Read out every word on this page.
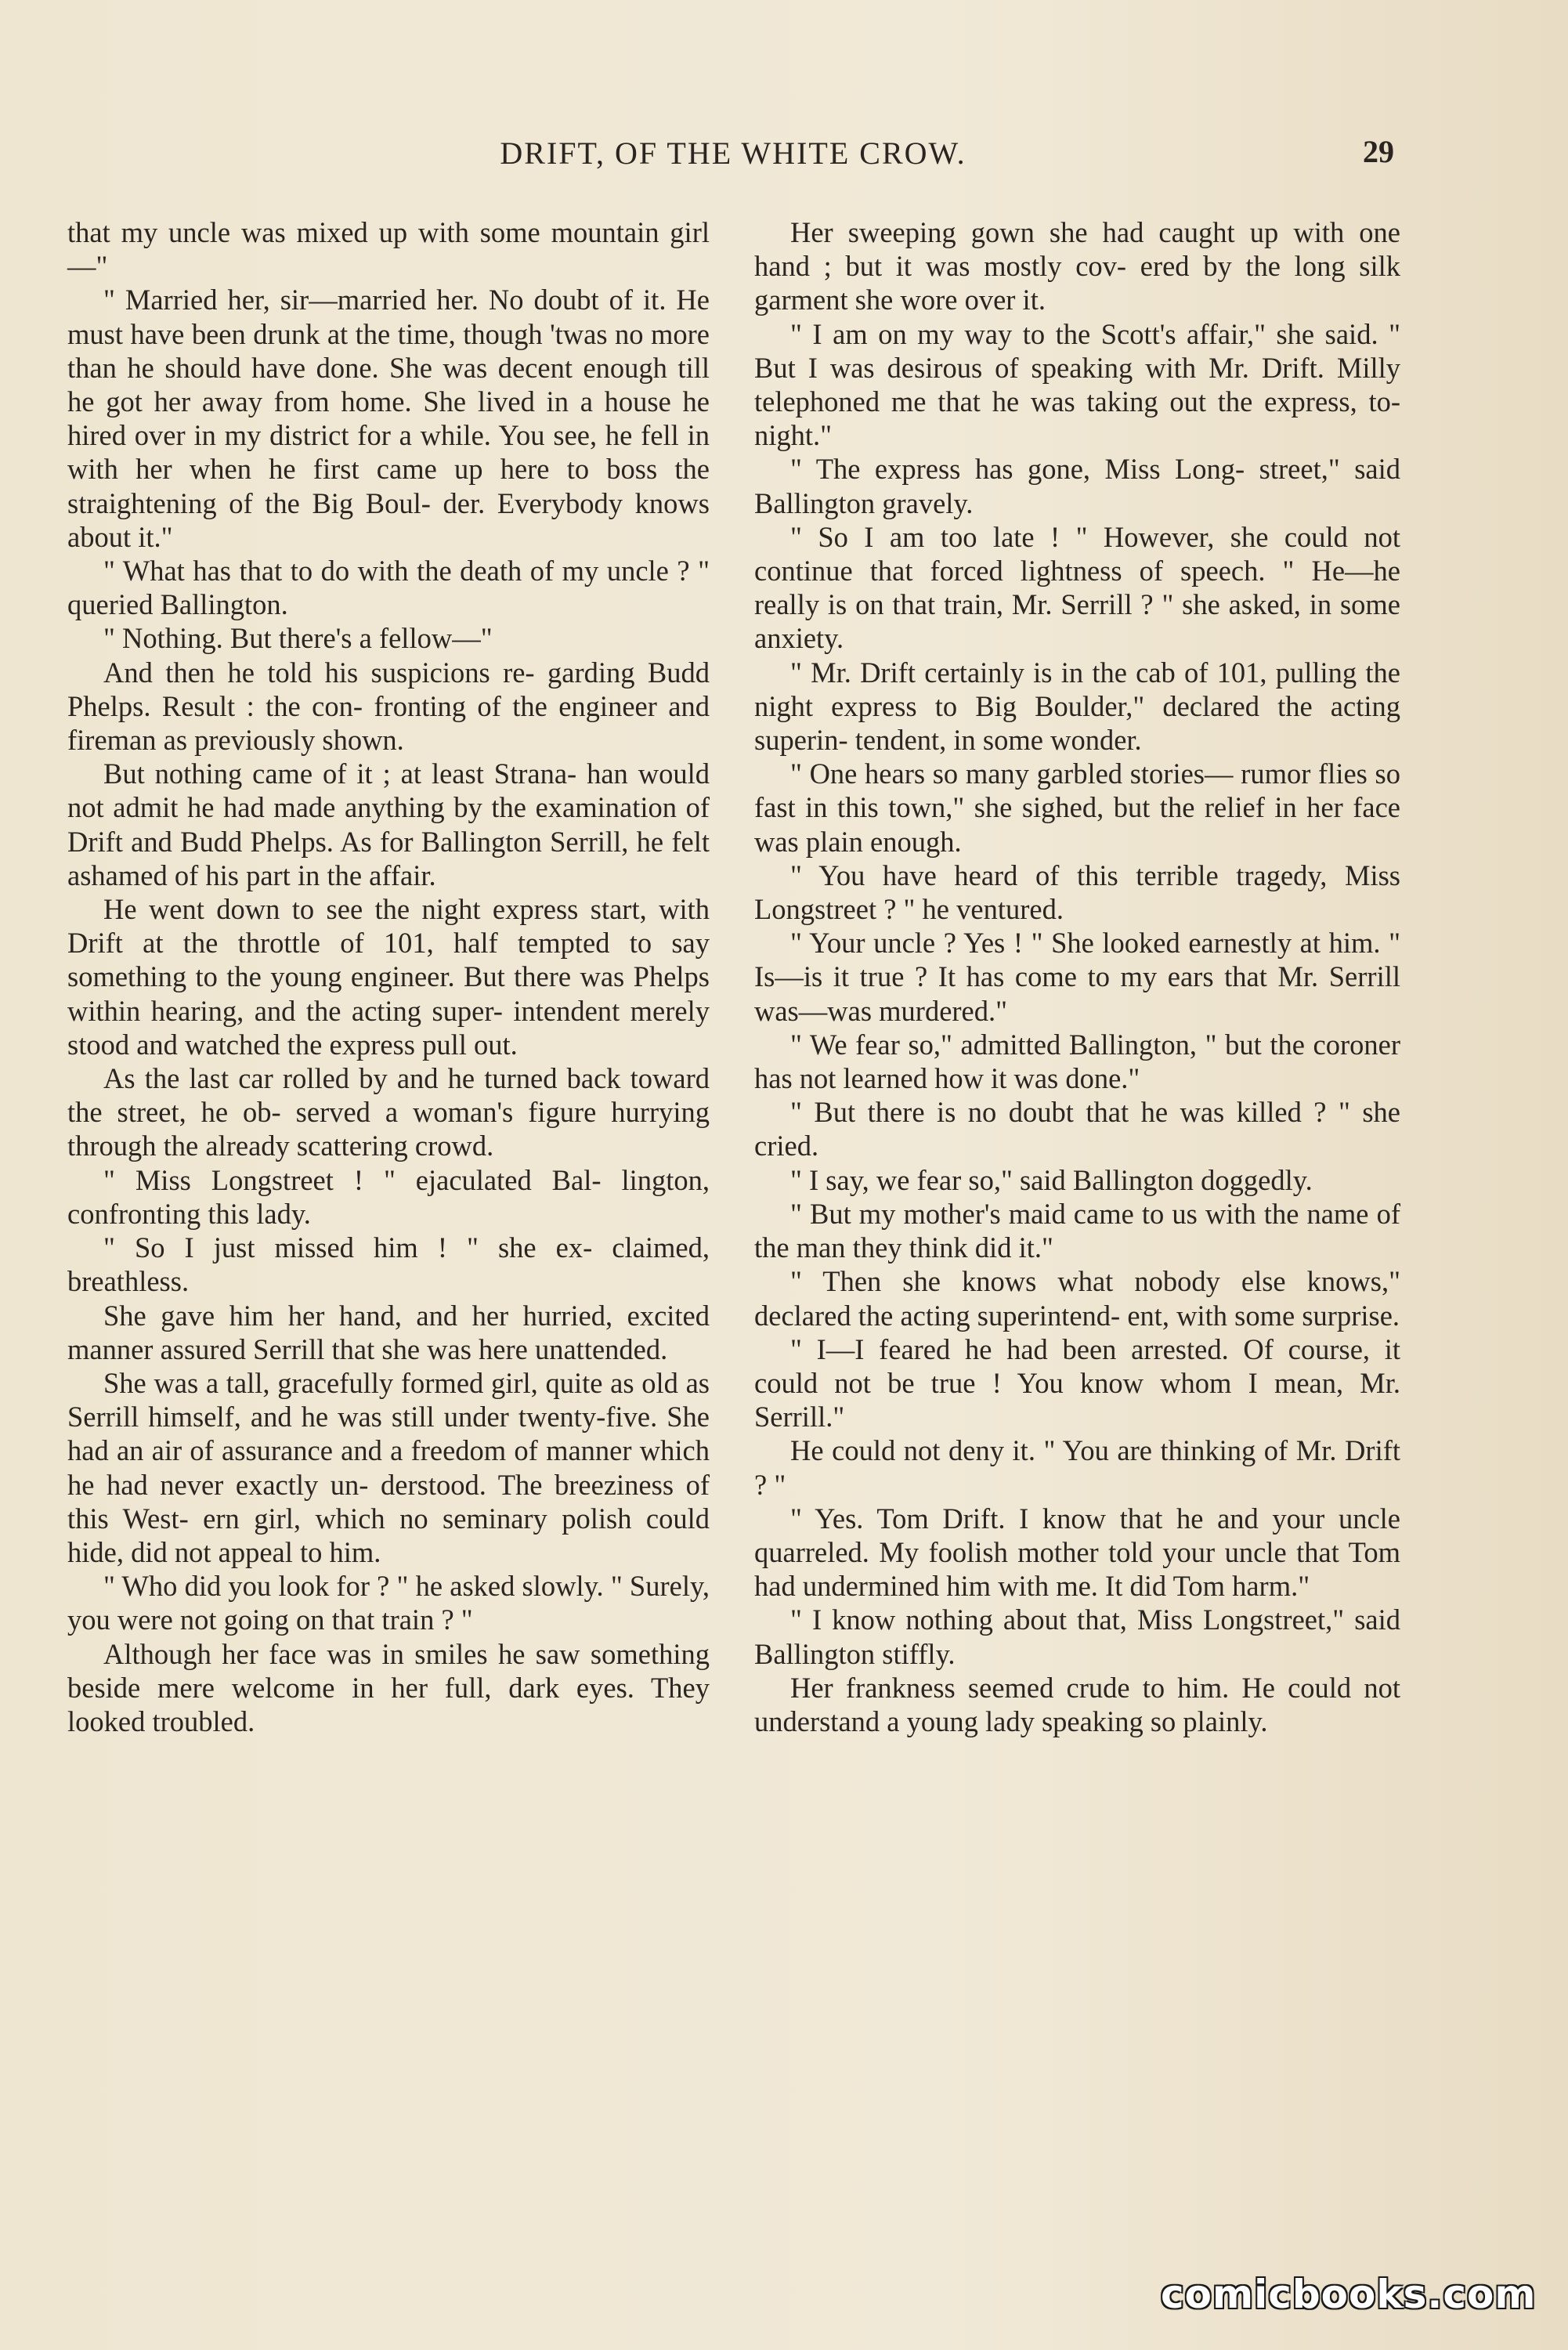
DRIFT, OF THE WHITE CROW.	29

that my uncle was mixed up with some mountain girl—"

" Married her, sir—married her. No doubt of it. He must have been drunk at the time, though 'twas no more than he should have done. She was decent enough till he got her away from home. She lived in a house he hired over in my district for a while. You see, he fell in with her when he first came up here to boss the straightening of the Big Boul- der. Everybody knows about it."

" What has that to do with the death of my uncle ? " queried Ballington.

" Nothing. But there's a fellow—"

And then he told his suspicions re- garding Budd Phelps. Result : the con- fronting of the engineer and fireman as previously shown.

But nothing came of it ; at least Strana- han would not admit he had made anything by the examination of Drift and Budd Phelps. As for Ballington Serrill, he felt ashamed of his part in the affair.

He went down to see the night express start, with Drift at the throttle of 101, half tempted to say something to the young engineer. But there was Phelps within hearing, and the acting super- intendent merely stood and watched the express pull out.

As the last car rolled by and he turned back toward the street, he ob- served a woman's figure hurrying through the already scattering crowd.

" Miss Longstreet ! " ejaculated Bal- lington, confronting this lady.

" So I just missed him ! " she ex- claimed, breathless.

She gave him her hand, and her hurried, excited manner assured Serrill that she was here unattended.

She was a tall, gracefully formed girl, quite as old as Serrill himself, and he was still under twenty-five. She had an air of assurance and a freedom of manner which he had never exactly un- derstood. The breeziness of this West- ern girl, which no seminary polish could hide, did not appeal to him.

" Who did you look for ? " he asked slowly. " Surely, you were not going on that train ? "

Although her face was in smiles he saw something beside mere welcome in her full, dark eyes. They looked troubled.

Her sweeping gown she had caught up with one hand ; but it was mostly cov- ered by the long silk garment she wore over it.

" I am on my way to the Scott's affair," she said. " But I was desirous of speaking with Mr. Drift. Milly telephoned me that he was taking out the express, to-night."

" The express has gone, Miss Long- street," said Ballington gravely.

" So I am too late ! " However, she could not continue that forced lightness of speech. " He—he really is on that train, Mr. Serrill ? " she asked, in some anxiety.

" Mr. Drift certainly is in the cab of 101, pulling the night express to Big Boulder," declared the acting superin- tendent, in some wonder.

" One hears so many garbled stories— rumor flies so fast in this town," she sighed, but the relief in her face was plain enough.

" You have heard of this terrible tragedy, Miss Longstreet ? " he ventured.

" Your uncle ? Yes ! " She looked earnestly at him. " Is—is it true ? It has come to my ears that Mr. Serrill was—was murdered."

" We fear so," admitted Ballington, " but the coroner has not learned how it was done."

" But there is no doubt that he was killed ? " she cried.

" I say, we fear so," said Ballington doggedly.

" But my mother's maid came to us with the name of the man they think did it."

" Then she knows what nobody else knows," declared the acting superintend- ent, with some surprise.

" I—I feared he had been arrested. Of course, it could not be true ! You know whom I mean, Mr. Serrill."

He could not deny it. " You are thinking of Mr. Drift ? "

" Yes. Tom Drift. I know that he and your uncle quarreled. My foolish mother told your uncle that Tom had undermined him with me. It did Tom harm."

" I know nothing about that, Miss Longstreet," said Ballington stiffly.

Her frankness seemed crude to him. He could not understand a young lady speaking so plainly.

comicbooks.com
